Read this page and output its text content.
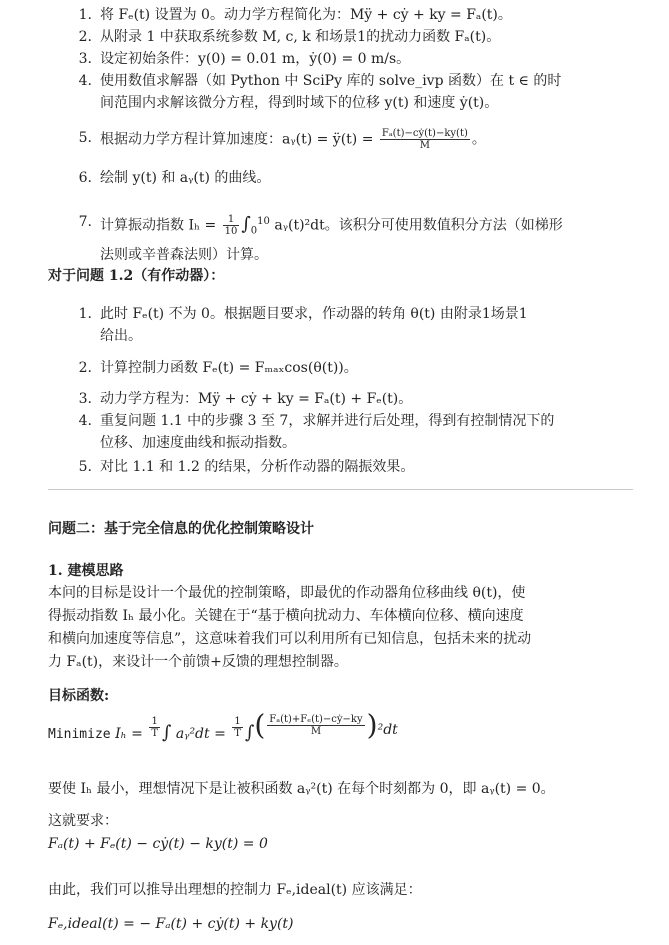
1. 将 Fₑ(t) 设置为 0。动力学方程简化为：Mÿ + cẏ + ky = Fₐ(t)。
2. 从附录 1 中获取系统参数 M, c, k 和场景1的扰动力函数 Fₐ(t)。
3. 设定初始条件：y(0) = 0.01 m，ẏ(0) = 0 m/s。
4. 使用数值求解器（如 Python 中 SciPy 库的 solve_ivp 函数）在 t ∈ 的时
间范围内求解该微分方程，得到时域下的位移 y(t) 和速度 ẏ(t)。
5. 根据动力学方程计算加速度：aᵧ(t) = ÿ(t) = $\frac{\text{Fₐ(t)−cẏ(t)−ky(t)}}{M}$ 。
6. 绘制 y(t) 和 aᵧ(t) 的曲线。
7. 计算振动指数 $I_h = \frac{1}{10} \int_0^{10}$ aᵧ(t)²dt。该积分可使用数值积分方法（如梯形
法则或辛普森法则）计算。
对于问题 1.2（有作动器）：
1. 此时 Fₑ(t) 不为 0。根据题目要求，作动器的转角 θ(t) 由附录1场景1
给出。
2. 计算控制力函数 Fₑ(t) = Fₘₐₓcos(θ(t))。
3. 动力学方程为：Mÿ + cẏ + ky = Fₐ(t) + Fₑ(t)。
4. 重复问题 1.1 中的步骤 3 至 7，求解并进行后处理，得到有控制情况下的
位移、加速度曲线和振动指数。
5. 对比 1.1 和 1.2 的结果，分析作动器的隔振效果。
问题二：基于完全信息的优化控制策略设计
1. 建模思路
本问的目标是设计一个最优的控制策略，即最优的作动器角位移曲线 θ(t)，使
得振动指数 Iₕ 最小化。关键在于“基于横向扰动力、车体横向位移、横向速度
和横向加速度等信息”，这意味着我们可以利用所有已知信息，包括未来的扰动
力 Fₐ(t)，来设计一个前馈+反馈的理想控制器。
目标函数:
Minimize $I_h = \frac{1}{T}$ ∫ aᵧ²dt = $\frac{1}{T}$ ∫( $\frac{\text{Fₐ(t)+Fₑ(t)−cẏ−ky}}{M} )^2dt$
要使 Iₕ 最小，理想情况下是让被积函数 aᵧ²(t) 在每个时刻都为 0，即 aᵧ(t) = 0。
这就要求：
Fₐ(t) + Fₑ(t) − cẏ(t) − ky(t) = 0
由此，我们可以推导出理想的控制力 Fₑ,ideal(t) 应该满足：
Fₑ,ideal(t) = − Fₐ(t) + cẏ(t) + ky(t)
